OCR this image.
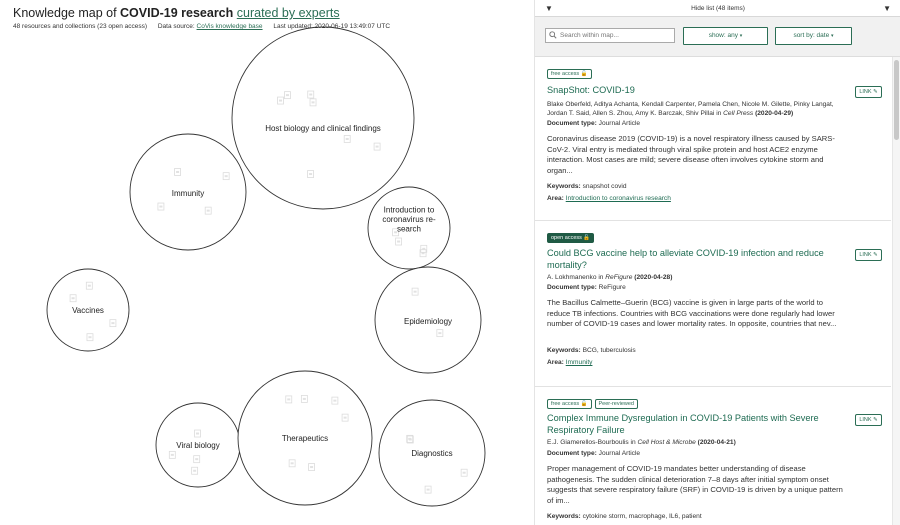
Host biology and clinical findings
Immunity
Introduction to
coronavirus re-
search
Vaccines
Epidemiology
Viral biology
Therapeutics
Diagnostics
Knowledge map of COVID-19 research curated by experts
48 resources and collections (23 open access) Data source: CoVis knowledge base Last updated: 2020-06-19 13:49:07 UTC
▼	Hide list (48 items)	▼
Search within map...
show: any ▾	sort by: date ▾
free access 🔓
LINK ✎
SnapShot: COVID-19
Blake Oberfeld, Aditya Achanta, Kendall Carpenter, Pamela Chen, Nicole M. Gilette, Pinky Langat, Jordan T. Said, Allen S. Zhou, Amy K. Barczak, Shiv Pillai in Cell Press (2020-04-29)
Document type: Journal Article
Coronavirus disease 2019 (COVID-19) is a novel respiratory illness caused by SARS-CoV-2. Viral entry is mediated through viral spike protein and host ACE2 enzyme interaction. Most cases are mild; severe disease often involves cytokine storm and organ...
Keywords: snapshot covid
Area: Introduction to coronavirus research
open access 🔓
LINK ✎
Could BCG vaccine help to alleviate COVID-19 infection and reduce mortality?
A. Lokhmanenko in ReFigure (2020-04-28)
Document type: ReFigure
The Bacillus Calmette–Guerin (BCG) vaccine is given in large parts of the world to reduce TB infections. Countries with BCG vaccinations were done regularly had lower number of COVID-19 cases and lower mortality rates. In opposite, countries that nev...
Keywords: BCG, tuberculosis
Area: Immunity
free access 🔓 Peer-reviewed
LINK ✎
Complex Immune Dysregulation in COVID-19 Patients with Severe Respiratory Failure
E.J. Giamerellos-Bourboulis in Cell Host & Microbe (2020-04-21)
Document type: Journal Article
Proper management of COVID-19 mandates better understanding of disease pathogenesis. The sudden clinical deterioration 7–8 days after initial symptom onset suggests that severe respiratory failure (SRF) in COVID-19 is driven by a unique pattern of im...
Keywords: cytokine storm, macrophage, IL6, patient
